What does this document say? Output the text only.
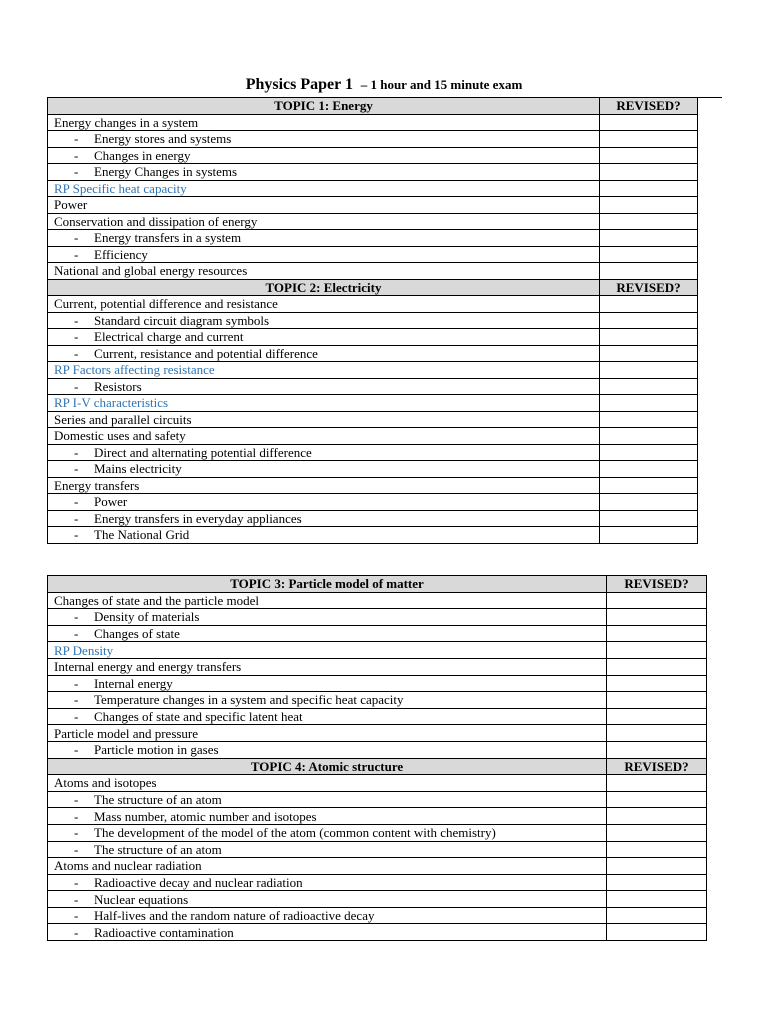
Physics Paper 1 – 1 hour and 15 minute exam
TOPIC 1: Energy	REVISED?
Energy changes in a system	
- Energy stores and systems	
- Changes in energy	
- Energy Changes in systems	
RP Specific heat capacity	
Power	
Conservation and dissipation of energy	
- Energy transfers in a system	
- Efficiency	
National and global energy resources	
TOPIC 2: Electricity	REVISED?
Current, potential difference and resistance	
- Standard circuit diagram symbols	
- Electrical charge and current	
- Current, resistance and potential difference	
RP Factors affecting resistance	
- Resistors	
RP I-V characteristics	
Series and parallel circuits	
Domestic uses and safety	
- Direct and alternating potential difference	
- Mains electricity	
Energy transfers	
- Power	
- Energy transfers in everyday appliances	
- The National Grid	
TOPIC 3: Particle model of matter	REVISED?
Changes of state and the particle model	
- Density of materials	
- Changes of state	
RP Density	
Internal energy and energy transfers	
- Internal energy	
- Temperature changes in a system and specific heat capacity	
- Changes of state and specific latent heat	
Particle model and pressure	
- Particle motion in gases	
TOPIC 4: Atomic structure	REVISED?
Atoms and isotopes	
- The structure of an atom	
- Mass number, atomic number and isotopes	
- The development of the model of the atom (common content with chemistry)	
- The structure of an atom	
Atoms and nuclear radiation	
- Radioactive decay and nuclear radiation	
- Nuclear equations	
- Half-lives and the random nature of radioactive decay	
- Radioactive contamination	
